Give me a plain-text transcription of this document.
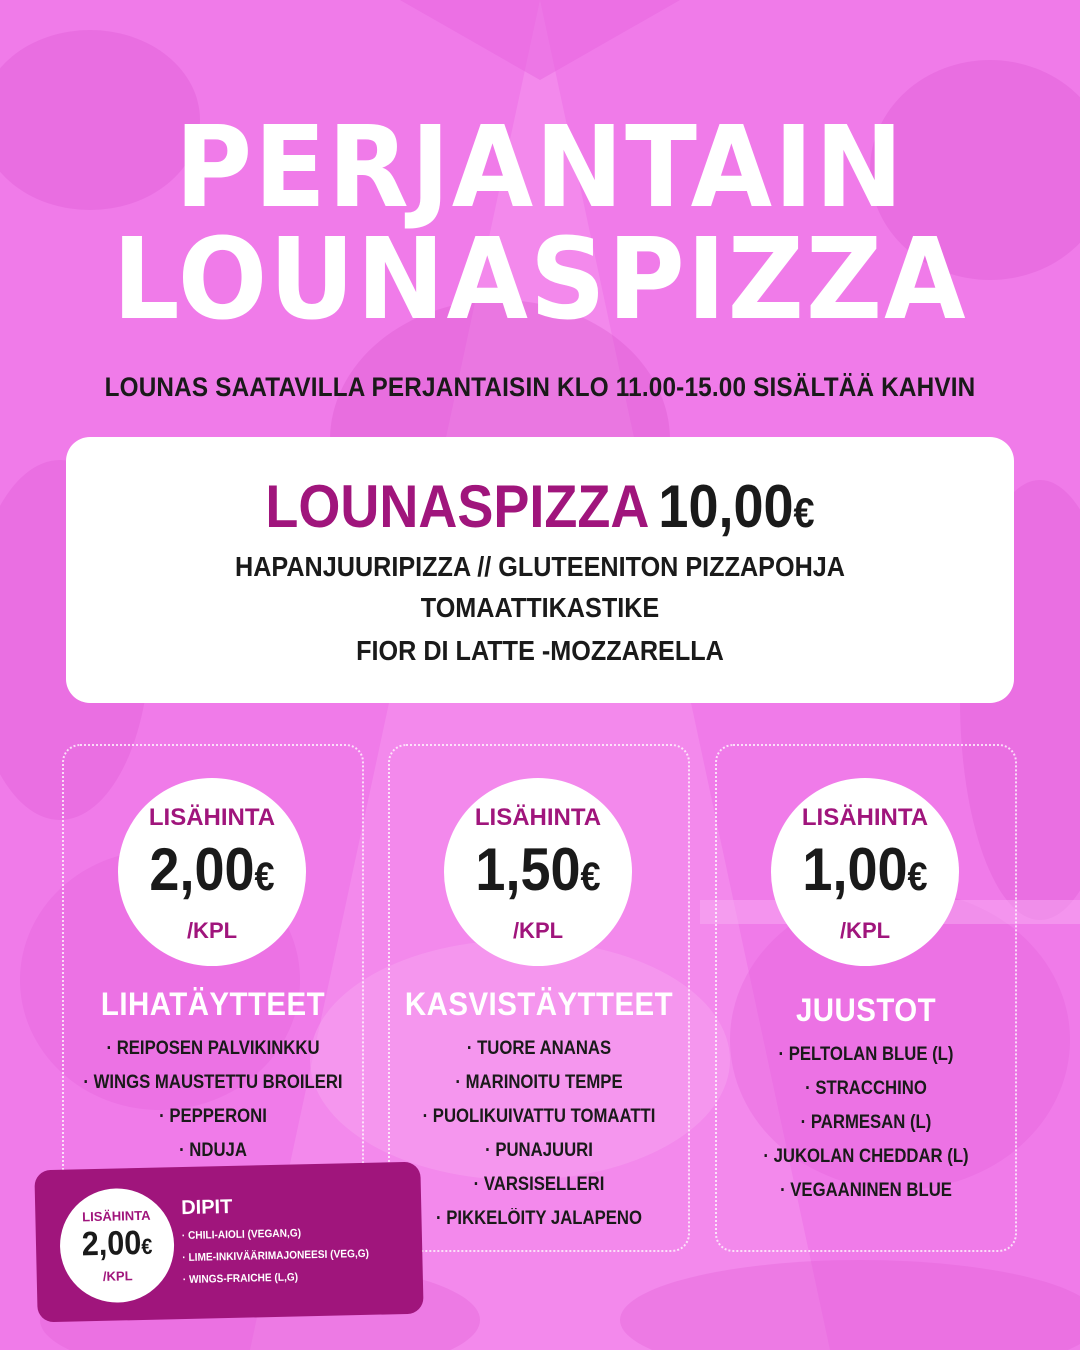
PERJANTAIN
LOUNASPIZZA
LOUNAS SAATAVILLA PERJANTAISIN KLO 11.00-15.00 SISÄLTÄÄ KAHVIN
LOUNASPIZZA 10,00€
HAPANJUURIPIZZA // GLUTEENITON PIZZAPOHJA
TOMAATTIKASTIKE
FIOR DI LATTE -MOZZARELLA
LISÄHINTA
2,00€
/KPL
LIHATÄYTTEET
· REIPOSEN PALVIKINKKU
· WINGS MAUSTETTU BROILERI
· PEPPERONI
· NDUJA
LISÄHINTA
1,50€
/KPL
KASVISTÄYTTEET
· TUORE ANANAS
· MARINOITU TEMPE
· PUOLIKUIVATTU TOMAATTI
· PUNAJUURI
· VARSISELLERI
· PIKKELÖITY JALAPENO
LISÄHINTA
1,00€
/KPL
JUUSTOT
· PELTOLAN BLUE (L)
· STRACCHINO
· PARMESAN (L)
· JUKOLAN CHEDDAR (L)
· VEGAANINEN BLUE
LISÄHINTA
2,00€
/KPL
DIPIT
· CHILI-AIOLI (VEGAN,G)
· LIME-INKIVÄÄRIMAJONEESI (VEG,G)
· WINGS-FRAICHE (L,G)
